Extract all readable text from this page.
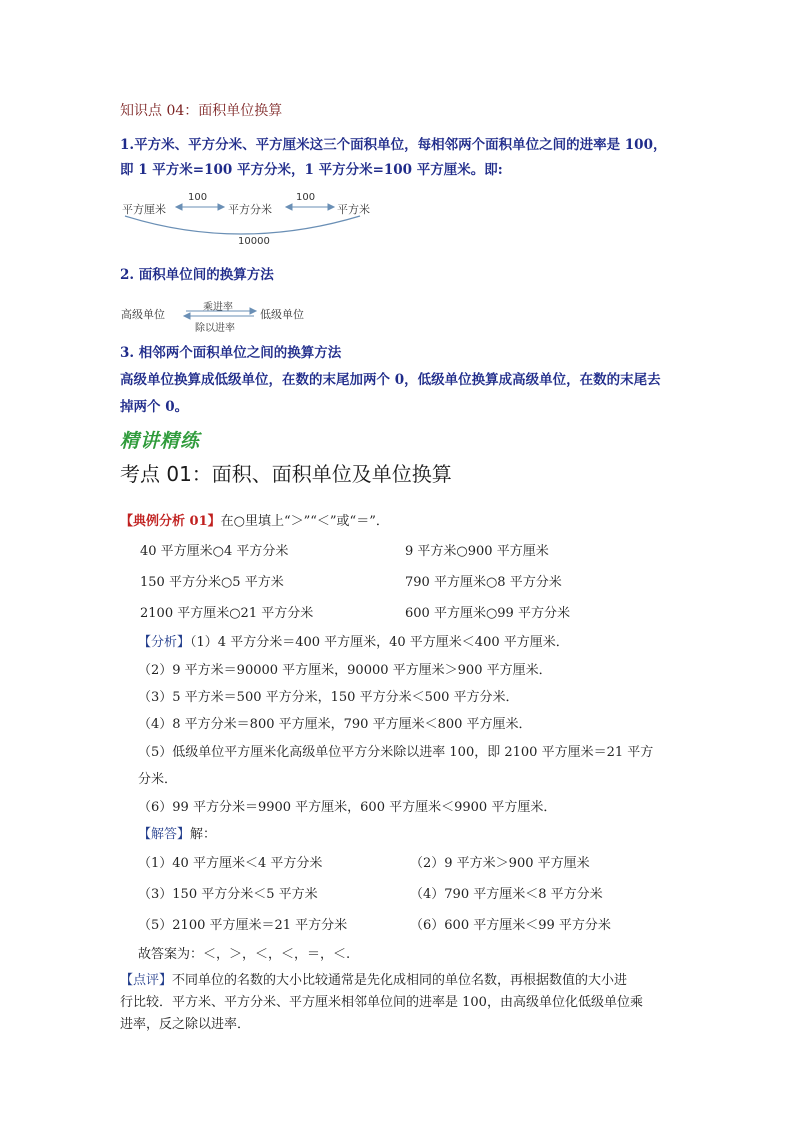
知识点 04：面积单位换算
1.平方米、平方分米、平方厘米这三个面积单位，每相邻两个面积单位之间的进率是 100，
即 1 平方米=100 平方分米，1 平方分米=100 平方厘米。即:
平方厘米	平方分米	平方米
100	100
10000
2. 面积单位间的换算方法
高级单位	低级单位
乘进率
除以进率
3. 相邻两个面积单位之间的换算方法
高级单位换算成低级单位，在数的末尾加两个 0，低级单位换算成高级单位，在数的末尾去
掉两个 0。
精讲精练
考点 01：面积、面积单位及单位换算
【典例分析 01】在○里填上“＞”“＜”或“＝”．
40 平方厘米○4 平方分米	9 平方米○900 平方厘米
150 平方分米○5 平方米	790 平方厘米○8 平方分米
2100 平方厘米○21 平方分米	600 平方厘米○99 平方分米
【分析】（1）4 平方分米＝400 平方厘米，40 平方厘米＜400 平方厘米．
（2）9 平方米＝90000 平方厘米，90000 平方厘米＞900 平方厘米．
（3）5 平方米＝500 平方分米，150 平方分米＜500 平方分米．
（4）8 平方分米＝800 平方厘米，790 平方厘米＜800 平方厘米．
（5）低级单位平方厘米化高级单位平方分米除以进率 100，即 2100 平方厘米＝21 平方
分米．
（6）99 平方分米＝9900 平方厘米，600 平方厘米＜9900 平方厘米．
【解答】解：
（1）40 平方厘米＜4 平方分米	（2）9 平方米＞900 平方厘米
（3）150 平方分米＜5 平方米	（4）790 平方厘米＜8 平方分米
（5）2100 平方厘米＝21 平方分米	（6）600 平方厘米＜99 平方分米
故答案为：＜，＞，＜，＜，＝，＜.
【点评】不同单位的名数的大小比较通常是先化成相同的单位名数，再根据数值的大小进
行比较．平方米、平方分米、平方厘米相邻单位间的进率是 100，由高级单位化低级单位乘
进率，反之除以进率．
